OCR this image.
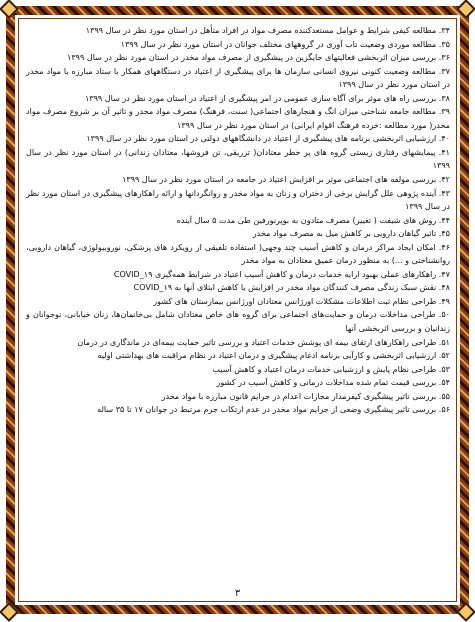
۳۴. مطالعه کیفی شرایط و عوامل مستعدکننده مصرف مواد در افراد متأهل در استان مورد نظر در سال ۱۳۹۹

۳۵. مطالعه موردی وضعیت تاب آوری در گروههای مختلف جوانان در استان مورد نظر در سال ۱۳۹۹

۳۶. بررسی میزان اثربخشی فعالیتهای جایگزین در پیشگیری از مصرف مواد مخدر در استان مورد نظر در سال ۱۳۹۹

۳۷. مطالعه وضعیت کنونی نیروی انسانی سازمان ها برای پیشگیری از اعتیاد در دستگاههای همکار با ستاد مبارزه با مواد مخدر در استان مورد نظر در سال ۱۳۹۹

۳۸. بررسی راه های موثر برای آگاه سازی عمومی در امر پیشگیری از اعتیاد در استان مورد نظر در سال ۱۳۹۹

۳۹. مطالعه جامعه شناختی میزان انگ و هنجارهای اجتماعی( سنت، فرهنگ) مصرف مواد مخدر و تاثیر آن بر شروع مصرف مواد مخدر( مورد مطالعه :خرده فرهنگ اقوام ایرانی) در استان مورد نظر در سال ۱۳۹۹

۴۰. ارزشیابی اثربخشی برنامه های پیشگیری از اعتیاد در دانشگاههای دولتی در استان مورد نظر در سال ۱۳۹۹

۴۱. پیمایشهای رفتاری زیستی گروه های پر خطر معتادان( تزریقی، تن فروشها، معتادان زندانی) در استان مورد نظر در سال ۱۳۹۹

۴۲. بررسی مولفه های اجتماعی موثر بر افزایش اعتیاد در جامعه در استان مورد نظر در سال ۱۳۹۹

۴۳. آینده پژوهی علل گرایش برخی از دختران و زنان به مواد مخدر و روانگردانها و ارائه راهکارهای پیشگیری در استان مورد نظر در سال ۱۳۹۹

۴۴. روش های شیفت ( تغییر) مصرف متادون به بوپرنورفین طی مدت ۵ سال آینده

۴۵. تاثیر گیاهان دارویی بر کاهش میل به مصرف مواد مخدر

۴۶. امکان ایجاد مراکز درمان و کاهش آسیب چند وجهی( استفاده تلفیقی از رویکرد های پزشکی، نوروبیولوژی، گیاهان دارویی، روانشناختی و ...) به منظور درمان عمیق معتادان به مواد مخدر

۴۷. راهکارهای عملی بهبود ارایه خدمات درمان و کاهش آسیب اعتیاد در شرایط همه‌گیری COVID_۱۹

۴۸. نقش سبک زندگی مصرف کنندگان مواد مخدر در افزایش یا کاهش ابتلای آنها به COVID_۱۹

۴۹. طراحی نظام ثبت اطلاعات مشکلات اورژانس معتادان اورژانس بیمارستان های کشور

۵۰. طراحی مداخلات درمان و حمایت‌های اجتماعی برای گروه های خاص معتادان شامل بی‌خانمان‌ها، زنان خیابانی، نوجوانان و زندانیان و بررسی اثربخشی آنها

۵۱. طراحی راهکارهای ارتقای بیمه ای پوشش خدمات اعتیاد و بررسی تاثیر حمایت بیمه‌ای در ماندگاری در درمان

۵۲. ارزشیابی اثربخشی و کارآیی برنامه ادغام پیشگیری و درمان اعتیاد در نظام مراقبت های بهداشتی اولیه

۵۳. طراحی نظام پایش و ارزشیابی خدمات درمان اعتیاد و کاهش آسیب

۵۴. بررسی قیمت تمام شده مداخلات درمانی و کاهش آسیب در کشور

۵۵. بررسی تاثیر پیشگیری کیفرمدار مجازات اعدام در جرایم قانون مبارزه با مواد مخدر

۵۶. بررسی تاثیر پیشگیری وضعی از جرایم مواد مخدر در عدم ارتکاب جرم مرتبط در جوانان ۱۷ تا ۳۵ ساله

۳
